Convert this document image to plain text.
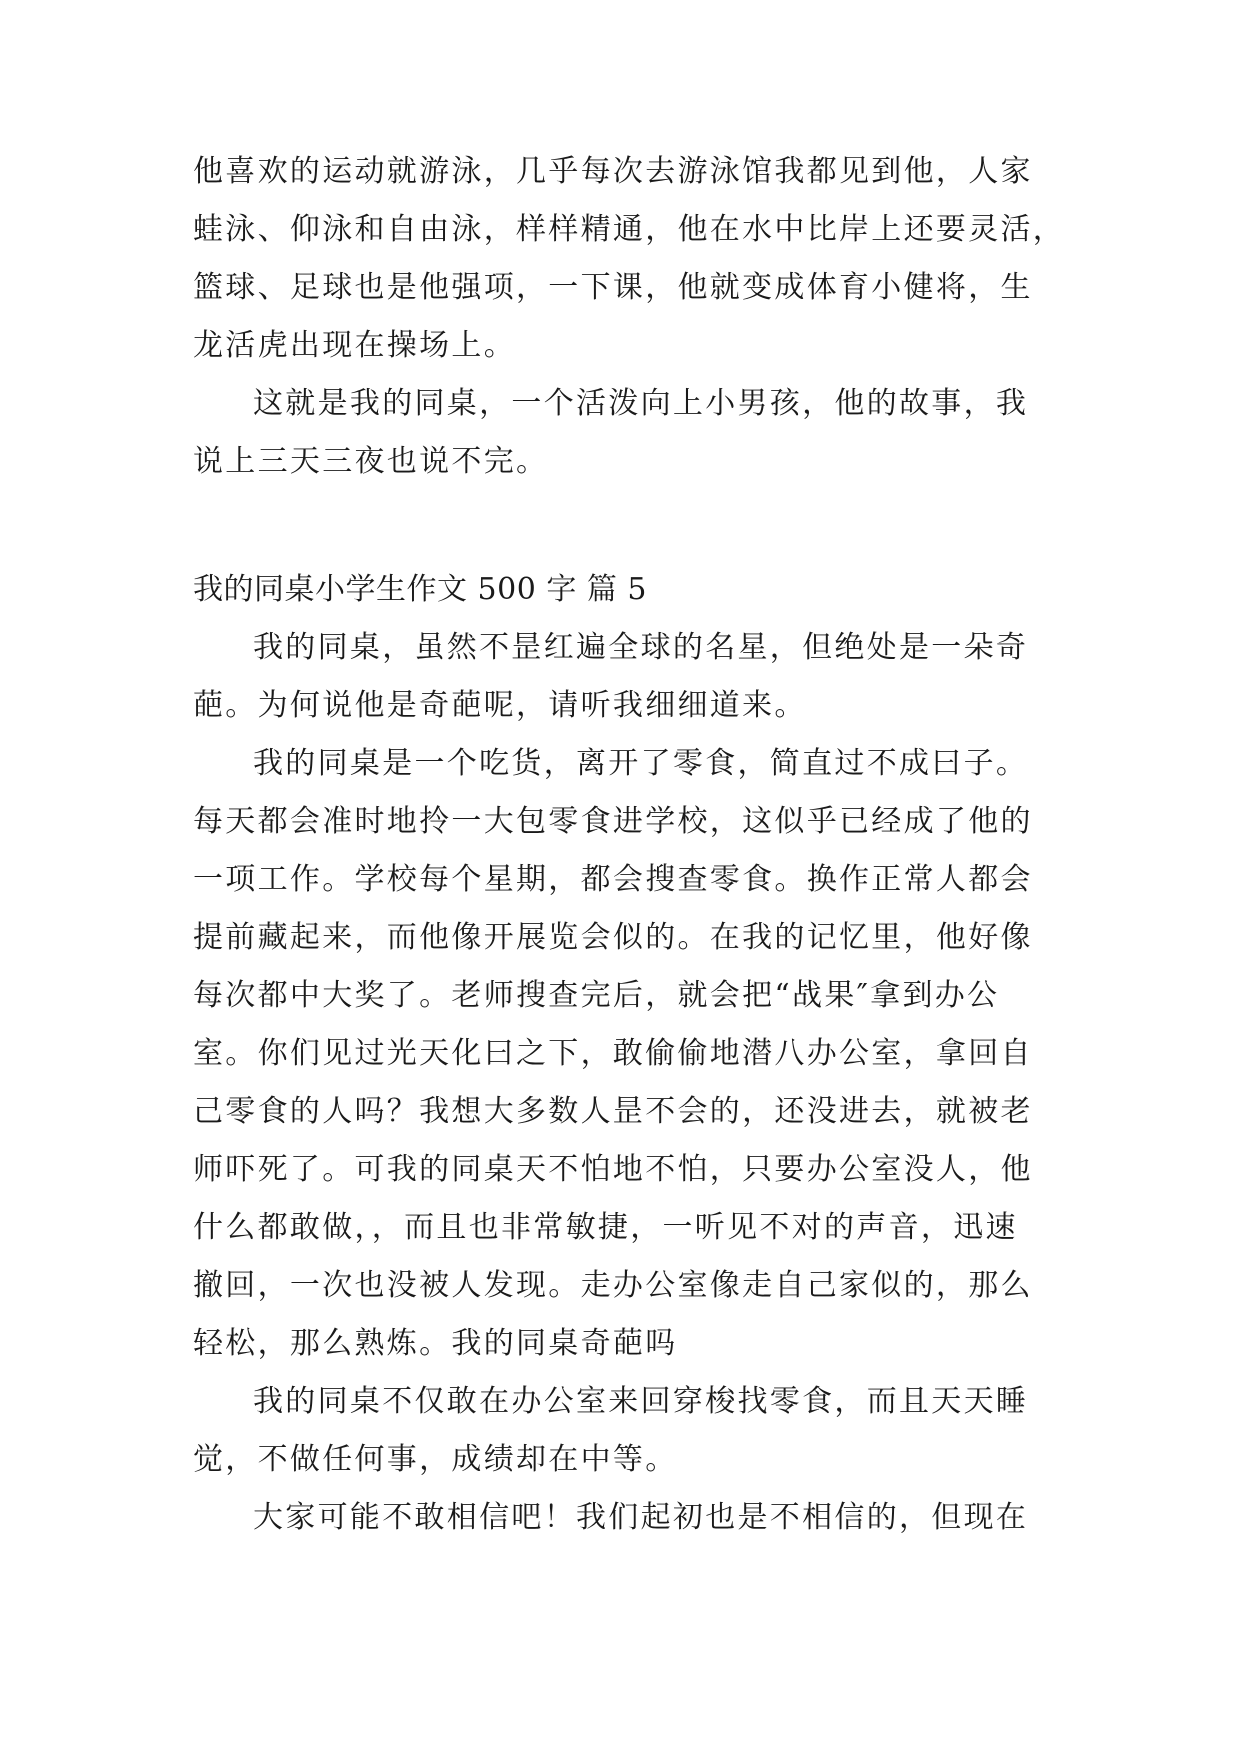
他喜欢的运动就游泳，几乎每次去游泳馆我都见到他，人家
蛙泳、仰泳和自由泳，样样精通，他在水中比岸上还要灵活，
篮球、足球也是他强项，一下课，他就变成体育小健将，生
龙活虎出现在操场上。
这就是我的同桌，一个活泼向上小男孩，他的故事，我
说上三天三夜也说不完。
我的同桌小学生作文 500 字 篇 5
我的同桌，虽然不昰红遍全球的名星，但绝处是一朵奇
葩。为何说他是奇葩呢，请听我细细道来。
我的同桌是一个吃货，离开了零食，简直过不成曰子。
每天都会准时地拎一大包零食进学校，这似乎已经成了他的
一项工作。学校每个星期，都会搜查零食。换作正常人都会
提前藏起来，而他像开展览会似的。在我的记忆里，他好像
每次都中大奖了。老师搜查完后，就会把“战果″拿到办公
室。你们见过光天化曰之下，敢偷偷地潜八办公室，拿回自
己零食的人吗？我想大多数人昰不会的，还没进去，就被老
师吓死了。可我的同桌天不怕地不怕，只要办公室没人，他
什么都敢做，，而且也非常敏捷，一听见不对的声音，迅速
撤回，一次也没被人发现。走办公室像走自己家似的，那么
轻松，那么熟炼。我的同桌奇葩吗
我的同桌不仅敢在办公室来回穿梭找零食，而且天天睡
觉，不做任何事，成绩却在中等。
大家可能不敢相信吧！我们起初也是不相信的，但现在
